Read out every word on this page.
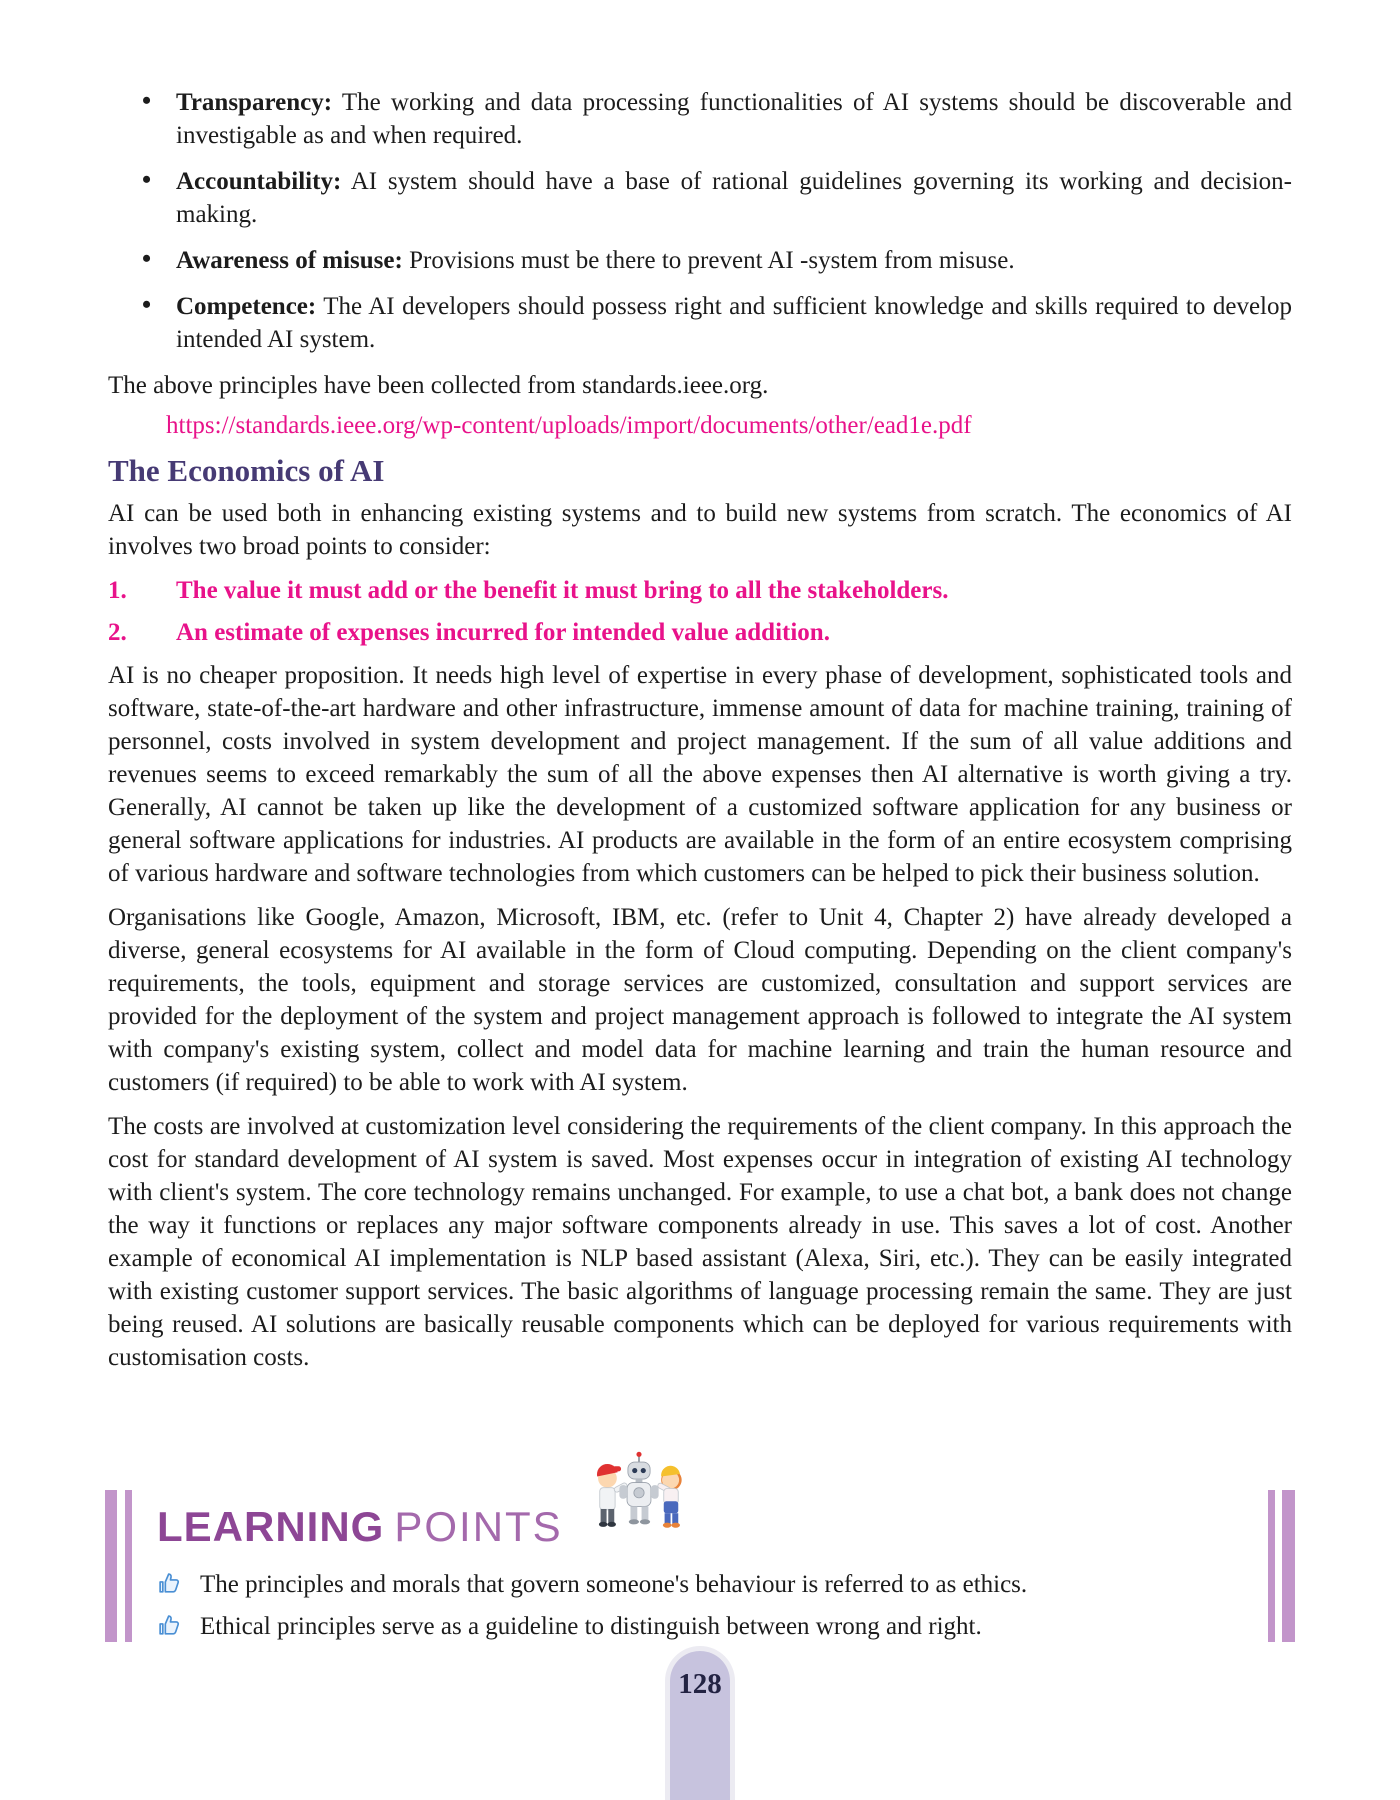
• Transparency: The working and data processing functionalities of AI systems should be discoverable and investigable as and when required.
• Accountability: AI system should have a base of rational guidelines governing its working and decision-making.
• Awareness of misuse: Provisions must be there to prevent AI -system from misuse.
• Competence: The AI developers should possess right and sufficient knowledge and skills required to develop intended AI system.

The above principles have been collected from standards.ieee.org.

https://standards.ieee.org/wp-content/uploads/import/documents/other/ead1e.pdf
The Economics of AI

AI can be used both in enhancing existing systems and to build new systems from scratch. The economics of AI involves two broad points to consider:

1.	The value it must add or the benefit it must bring to all the stakeholders.
2.	An estimate of expenses incurred for intended value addition.

AI is no cheaper proposition. It needs high level of expertise in every phase of development, sophisticated tools and software, state-of-the-art hardware and other infrastructure, immense amount of data for machine training, training of personnel, costs involved in system development and project management. If the sum of all value additions and revenues seems to exceed remarkably the sum of all the above expenses then AI alternative is worth giving a try. Generally, AI cannot be taken up like the development of a customized software application for any business or general software applications for industries. AI products are available in the form of an entire ecosystem comprising of various hardware and software technologies from which customers can be helped to pick their business solution.

Organisations like Google, Amazon, Microsoft, IBM, etc. (refer to Unit 4, Chapter 2) have already developed a diverse, general ecosystems for AI available in the form of Cloud computing. Depending on the client company's requirements, the tools, equipment and storage services are customized, consultation and support services are provided for the deployment of the system and project management approach is followed to integrate the AI system with company's existing system, collect and model data for machine learning and train the human resource and customers (if required) to be able to work with AI system.

The costs are involved at customization level considering the requirements of the client company. In this approach the cost for standard development of AI system is saved. Most expenses occur in integration of existing AI technology with client's system. The core technology remains unchanged. For example, to use a chat bot, a bank does not change the way it functions or replaces any major software components already in use. This saves a lot of cost. Another example of economical AI implementation is NLP based assistant (Alexa, Siri, etc.). They can be easily integrated with existing customer support services. The basic algorithms of language processing remain the same. They are just being reused. AI solutions are basically reusable components which can be deployed for various requirements with customisation costs.

LEARNING POINTS
The principles and morals that govern someone's behaviour is referred to as ethics.
Ethical principles serve as a guideline to distinguish between wrong and right.
128
